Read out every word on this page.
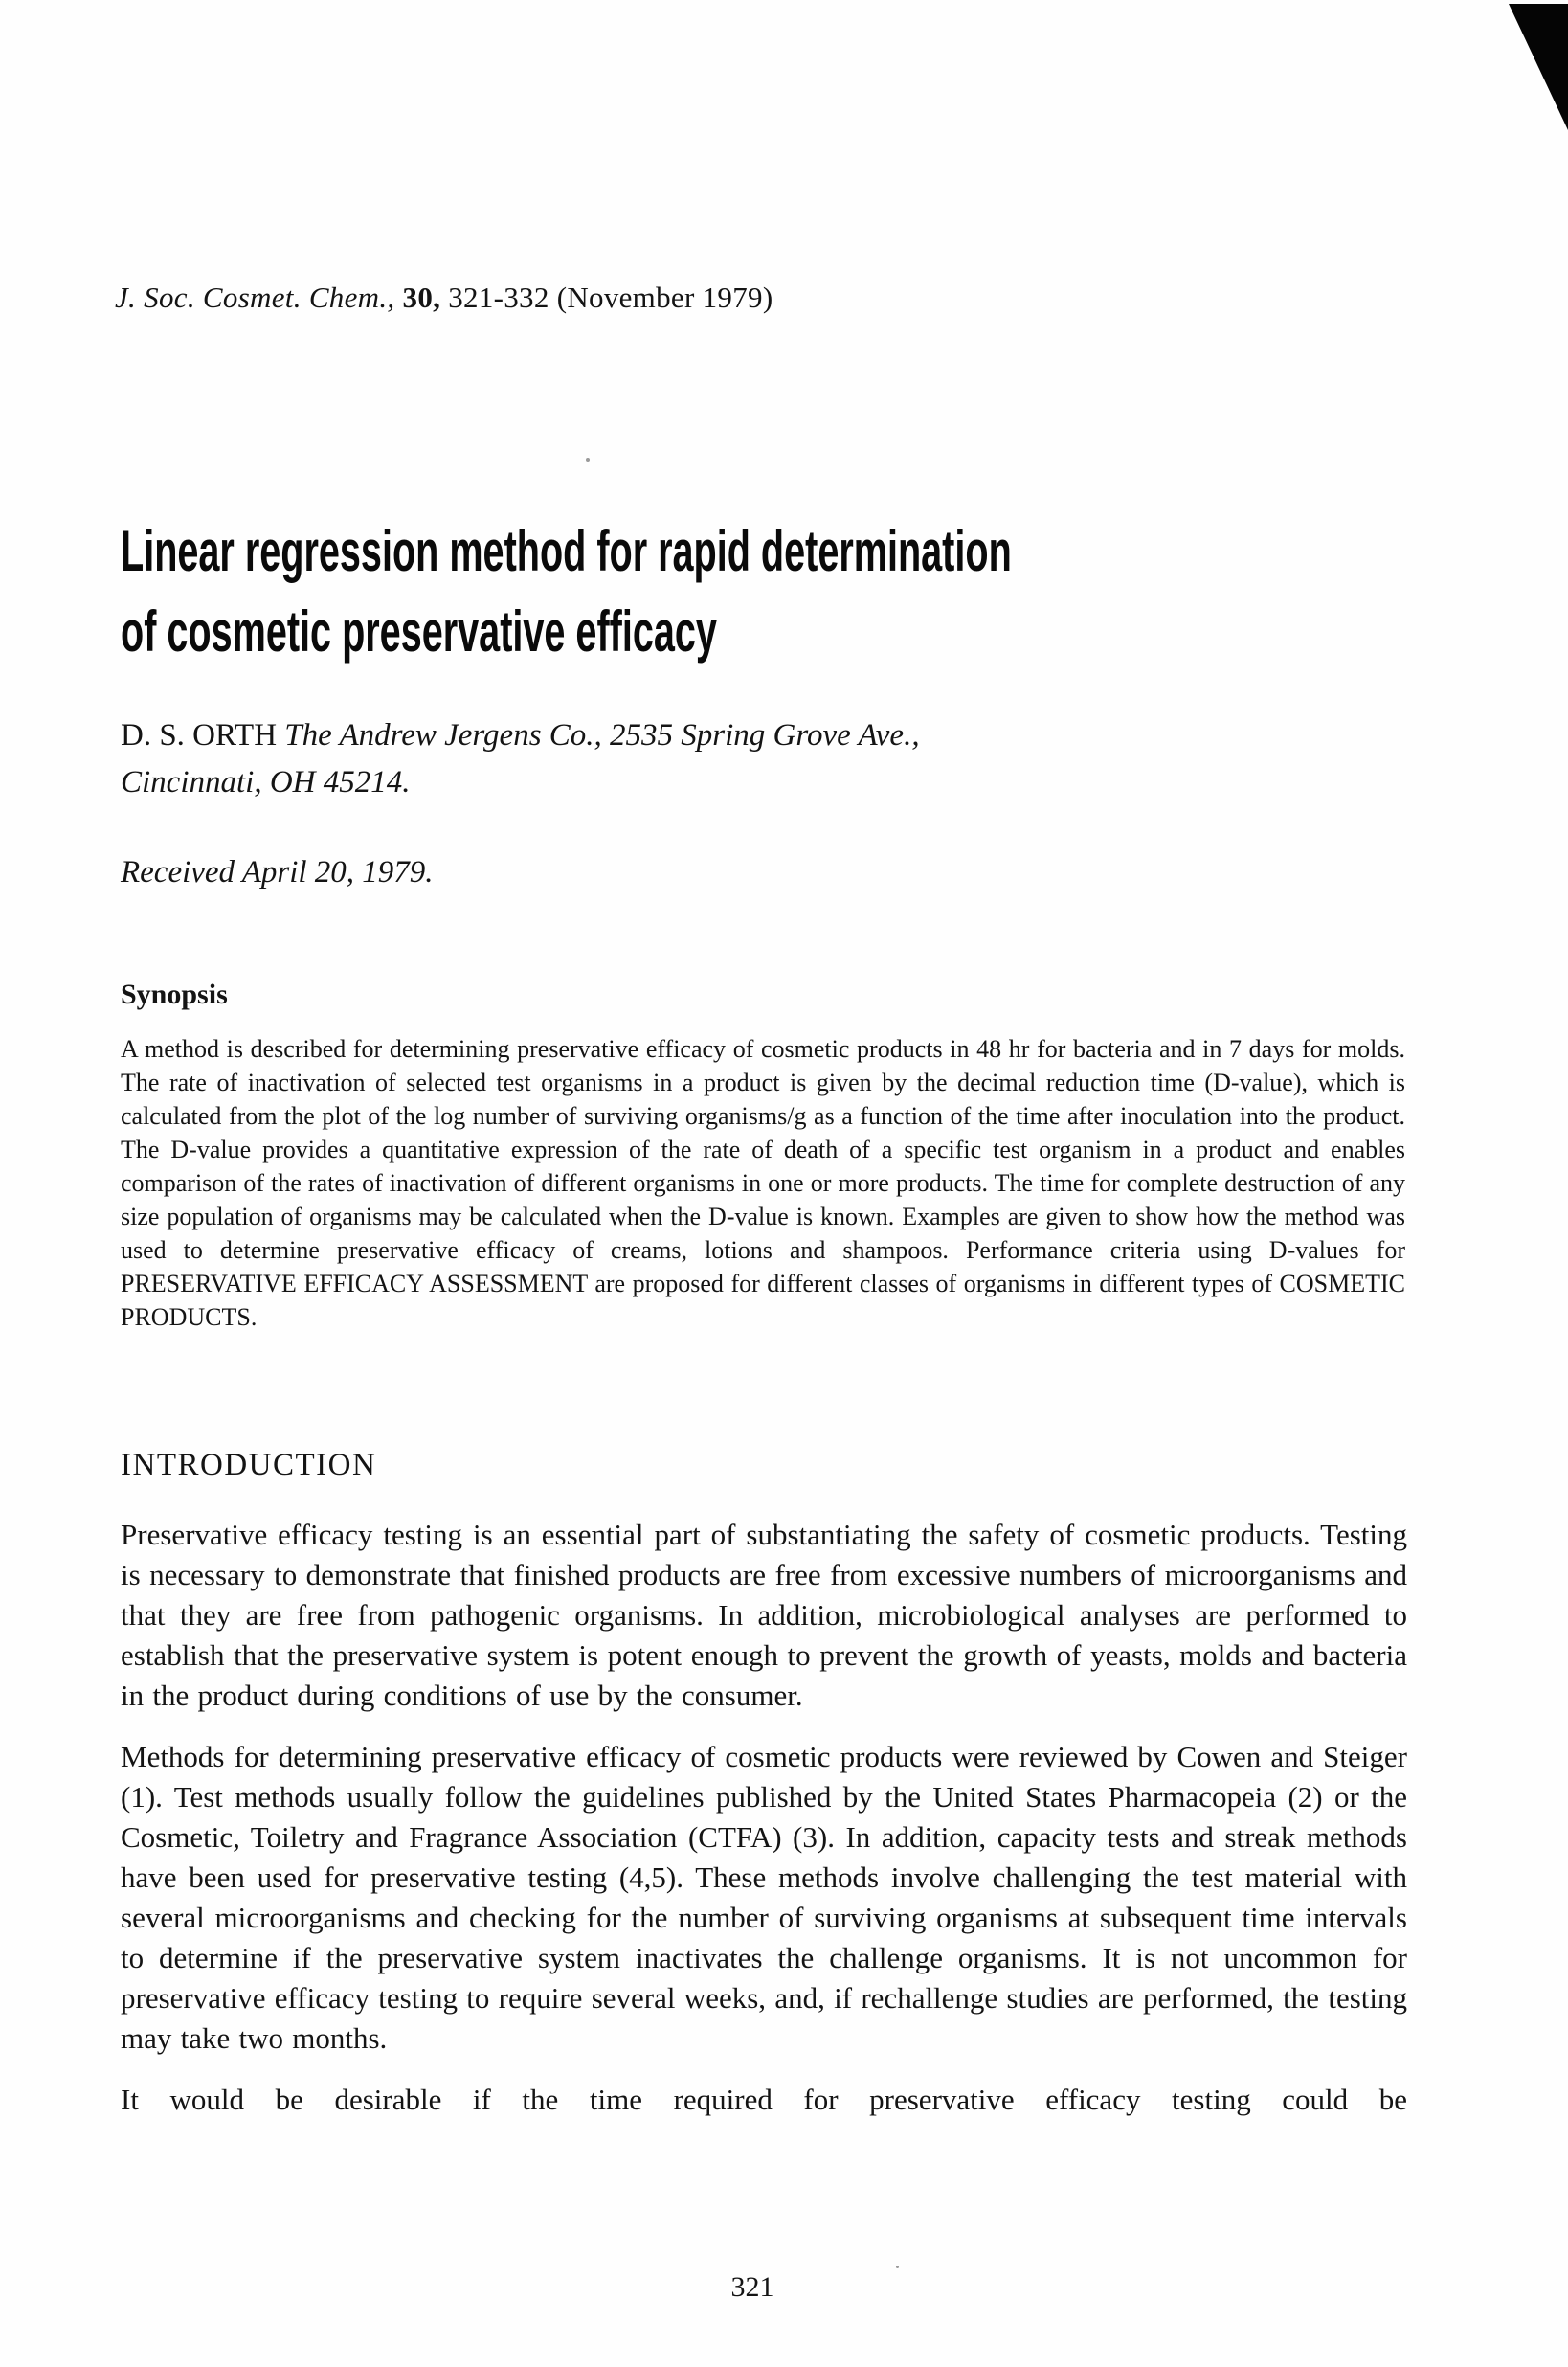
J. Soc. Cosmet. Chem., 30, 321-332 (November 1979)

Linear regression method for rapid determination
of cosmetic preservative efficacy

D. S. ORTH The Andrew Jergens Co., 2535 Spring Grove Ave.,
Cincinnati, OH 45214.

Received April 20, 1979.

Synopsis

A method is described for determining preservative efficacy of cosmetic products in 48 hr for bacteria and in 7 days for molds. The rate of inactivation of selected test organisms in a product is given by the decimal reduction time (D-value), which is calculated from the plot of the log number of surviving organisms/g as a function of the time after inoculation into the product. The D-value provides a quantitative expression of the rate of death of a specific test organism in a product and enables comparison of the rates of inactivation of different organisms in one or more products. The time for complete destruction of any size population of organisms may be calculated when the D-value is known. Examples are given to show how the method was used to determine preservative efficacy of creams, lotions and shampoos. Performance criteria using D-values for PRESERVATIVE EFFICACY ASSESSMENT are proposed for different classes of organisms in different types of COSMETIC PRODUCTS.

INTRODUCTION

Preservative efficacy testing is an essential part of substantiating the safety of cosmetic products. Testing is necessary to demonstrate that finished products are free from excessive numbers of microorganisms and that they are free from pathogenic organisms. In addition, microbiological analyses are performed to establish that the preservative system is potent enough to prevent the growth of yeasts, molds and bacteria in the product during conditions of use by the consumer.

Methods for determining preservative efficacy of cosmetic products were reviewed by Cowen and Steiger (1). Test methods usually follow the guidelines published by the United States Pharmacopeia (2) or the Cosmetic, Toiletry and Fragrance Association (CTFA) (3). In addition, capacity tests and streak methods have been used for preservative testing (4,5). These methods involve challenging the test material with several microorganisms and checking for the number of surviving organisms at subsequent time intervals to determine if the preservative system inactivates the challenge organisms. It is not uncommon for preservative efficacy testing to require several weeks, and, if rechallenge studies are performed, the testing may take two months.

It would be desirable if the time required for preservative efficacy testing could be

321
